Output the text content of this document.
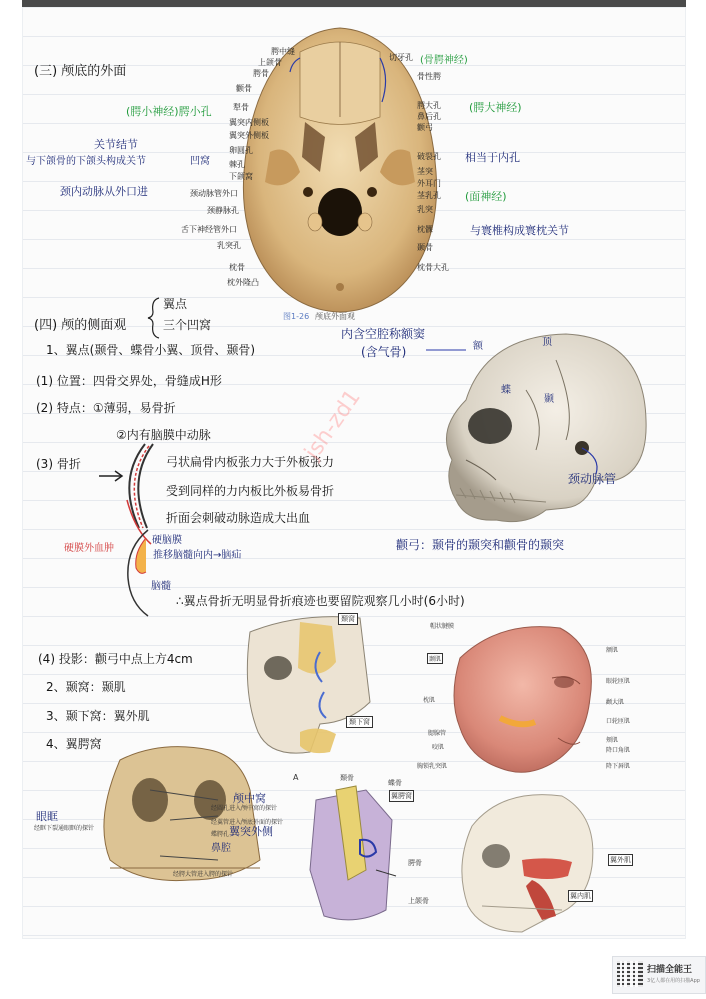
(三) 颅底的外面
腭中缝
上颌骨
腭骨
颧骨
犁骨
翼突内侧板
翼突外侧板
卵圆孔
棘孔
下颌窝
颈动脉管外口
颈静脉孔
舌下神经管外口
乳突孔
枕骨
枕外隆凸
切牙孔
骨性腭
腭大孔
鼻后孔
颧弓
破裂孔
茎突
外耳门
茎乳孔
乳突
枕髁
颞骨
枕骨大孔
(骨腭神经)
(腭大神经)
(腭小神经)腭小孔
关节结节
与下颌骨的下颌头构成关节	凹窝
颈内动脉从外口进
相当于内孔
(面神经)
与寰椎构成寰枕关节
图1-26 颅底外面观
(四) 颅的侧面观
翼点
三个凹窝
1、翼点(颞骨、蝶骨小翼、顶骨、颞骨)
(1) 位置：四骨交界处，骨缝成H形
(2) 特点：①薄弱，易骨折
②内有脑膜中动脉
(3) 骨折	弓状扁骨内板张力大于外板张力
受到同样的力内板比外板易骨折
折面会刺破动脉造成大出血
硬膜外血肿
硬脑膜
推移脑髓向内→脑疝
脑髓
∴翼点骨折无明显骨折痕迹也要留院观察几小时(6小时)
内含空腔称额窦
(含气骨)	额	顶
蝶
颞
颈动脉管
颧弓：颞骨的颞突和颧骨的颞突
jsh-zd1
(4) 投影：颧弓中点上方4cm
2、颞窝：颞肌
3、颞下窝：翼外肌
4、翼腭窝
颞窝
颞下窝
帽状腱膜
额肌
颞肌
眼轮匝肌
枕肌	颧大肌
口轮匝肌
咬肌	降口角肌
胸锁乳突肌
颊肌
降下唇肌
腮腺管
眼眶
经眶下裂通眼眶的探针
颅中窝
经圆孔进入颅中窝的探针
经翼管进入颅底外面的探针
蝶腭孔 翼突外侧
鼻腔
经腭大管进入腭的探针
A	颞骨
蝶骨
翼腭窝
腭骨
上颌骨
翼外肌
翼内肌
扫描全能王
3亿人都在用的扫描App
